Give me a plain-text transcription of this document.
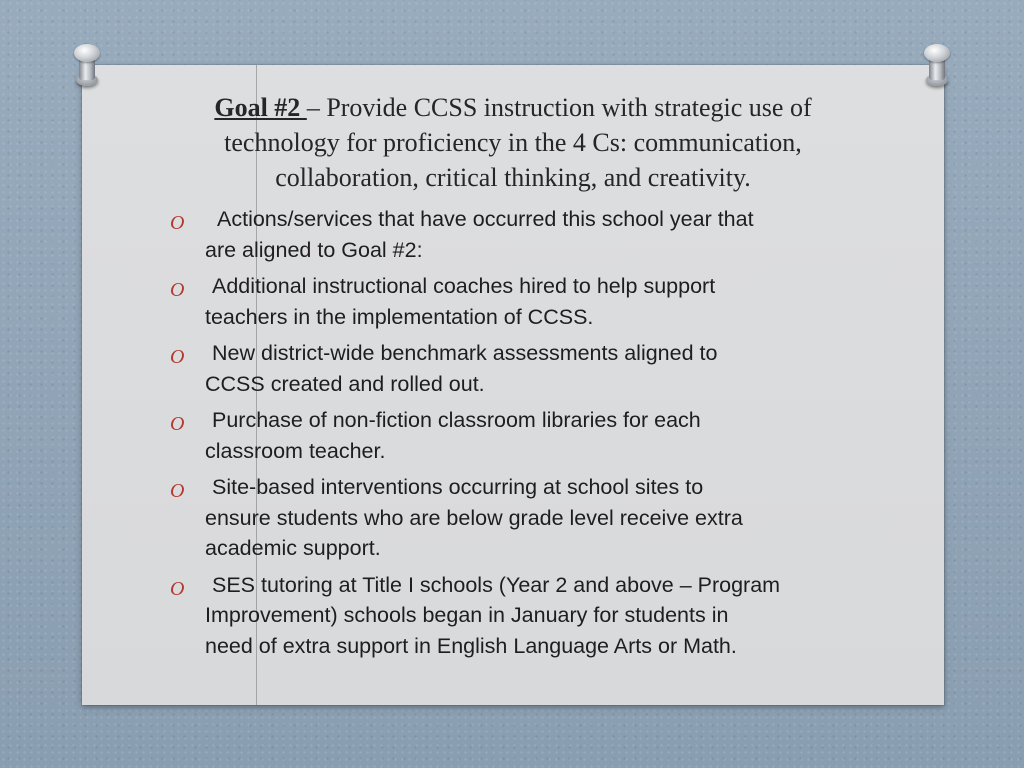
Goal #2 – Provide CCSS instruction with strategic use of
technology for proficiency in the 4 Cs: communication,
collaboration, critical thinking, and creativity.
O Actions/services that have occurred this school year that
are aligned to Goal #2:
O Additional instructional coaches hired to help support
teachers in the implementation of CCSS.
O New district-wide benchmark assessments aligned to
CCSS created and rolled out.
O Purchase of non-fiction classroom libraries for each
classroom teacher.
O Site-based interventions occurring at school sites to
ensure students who are below grade level receive extra
academic support.
O SES tutoring at Title I schools (Year 2 and above – Program
Improvement) schools began in January for students in
need of extra support in English Language Arts or Math.
